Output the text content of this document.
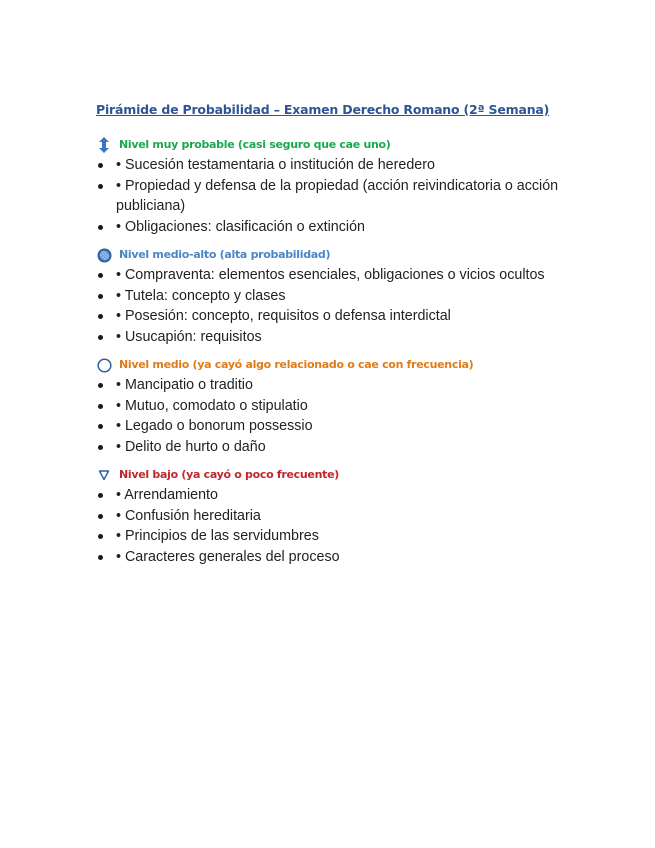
Pirámide de Probabilidad – Examen Derecho Romano (2ª Semana)
Nivel muy probable (casi seguro que cae uno)
• Sucesión testamentaria o institución de heredero
• Propiedad y defensa de la propiedad (acción reivindicatoria o acción publiciana)
• Obligaciones: clasificación o extinción
Nivel medio-alto (alta probabilidad)
• Compraventa: elementos esenciales, obligaciones o vicios ocultos
• Tutela: concepto y clases
• Posesión: concepto, requisitos o defensa interdictal
• Usucapión: requisitos
Nivel medio (ya cayó algo relacionado o cae con frecuencia)
• Mancipatio o traditio
• Mutuo, comodato o stipulatio
• Legado o bonorum possessio
• Delito de hurto o daño
Nivel bajo (ya cayó o poco frecuente)
• Arrendamiento
• Confusión hereditaria
• Principios de las servidumbres
• Caracteres generales del proceso
